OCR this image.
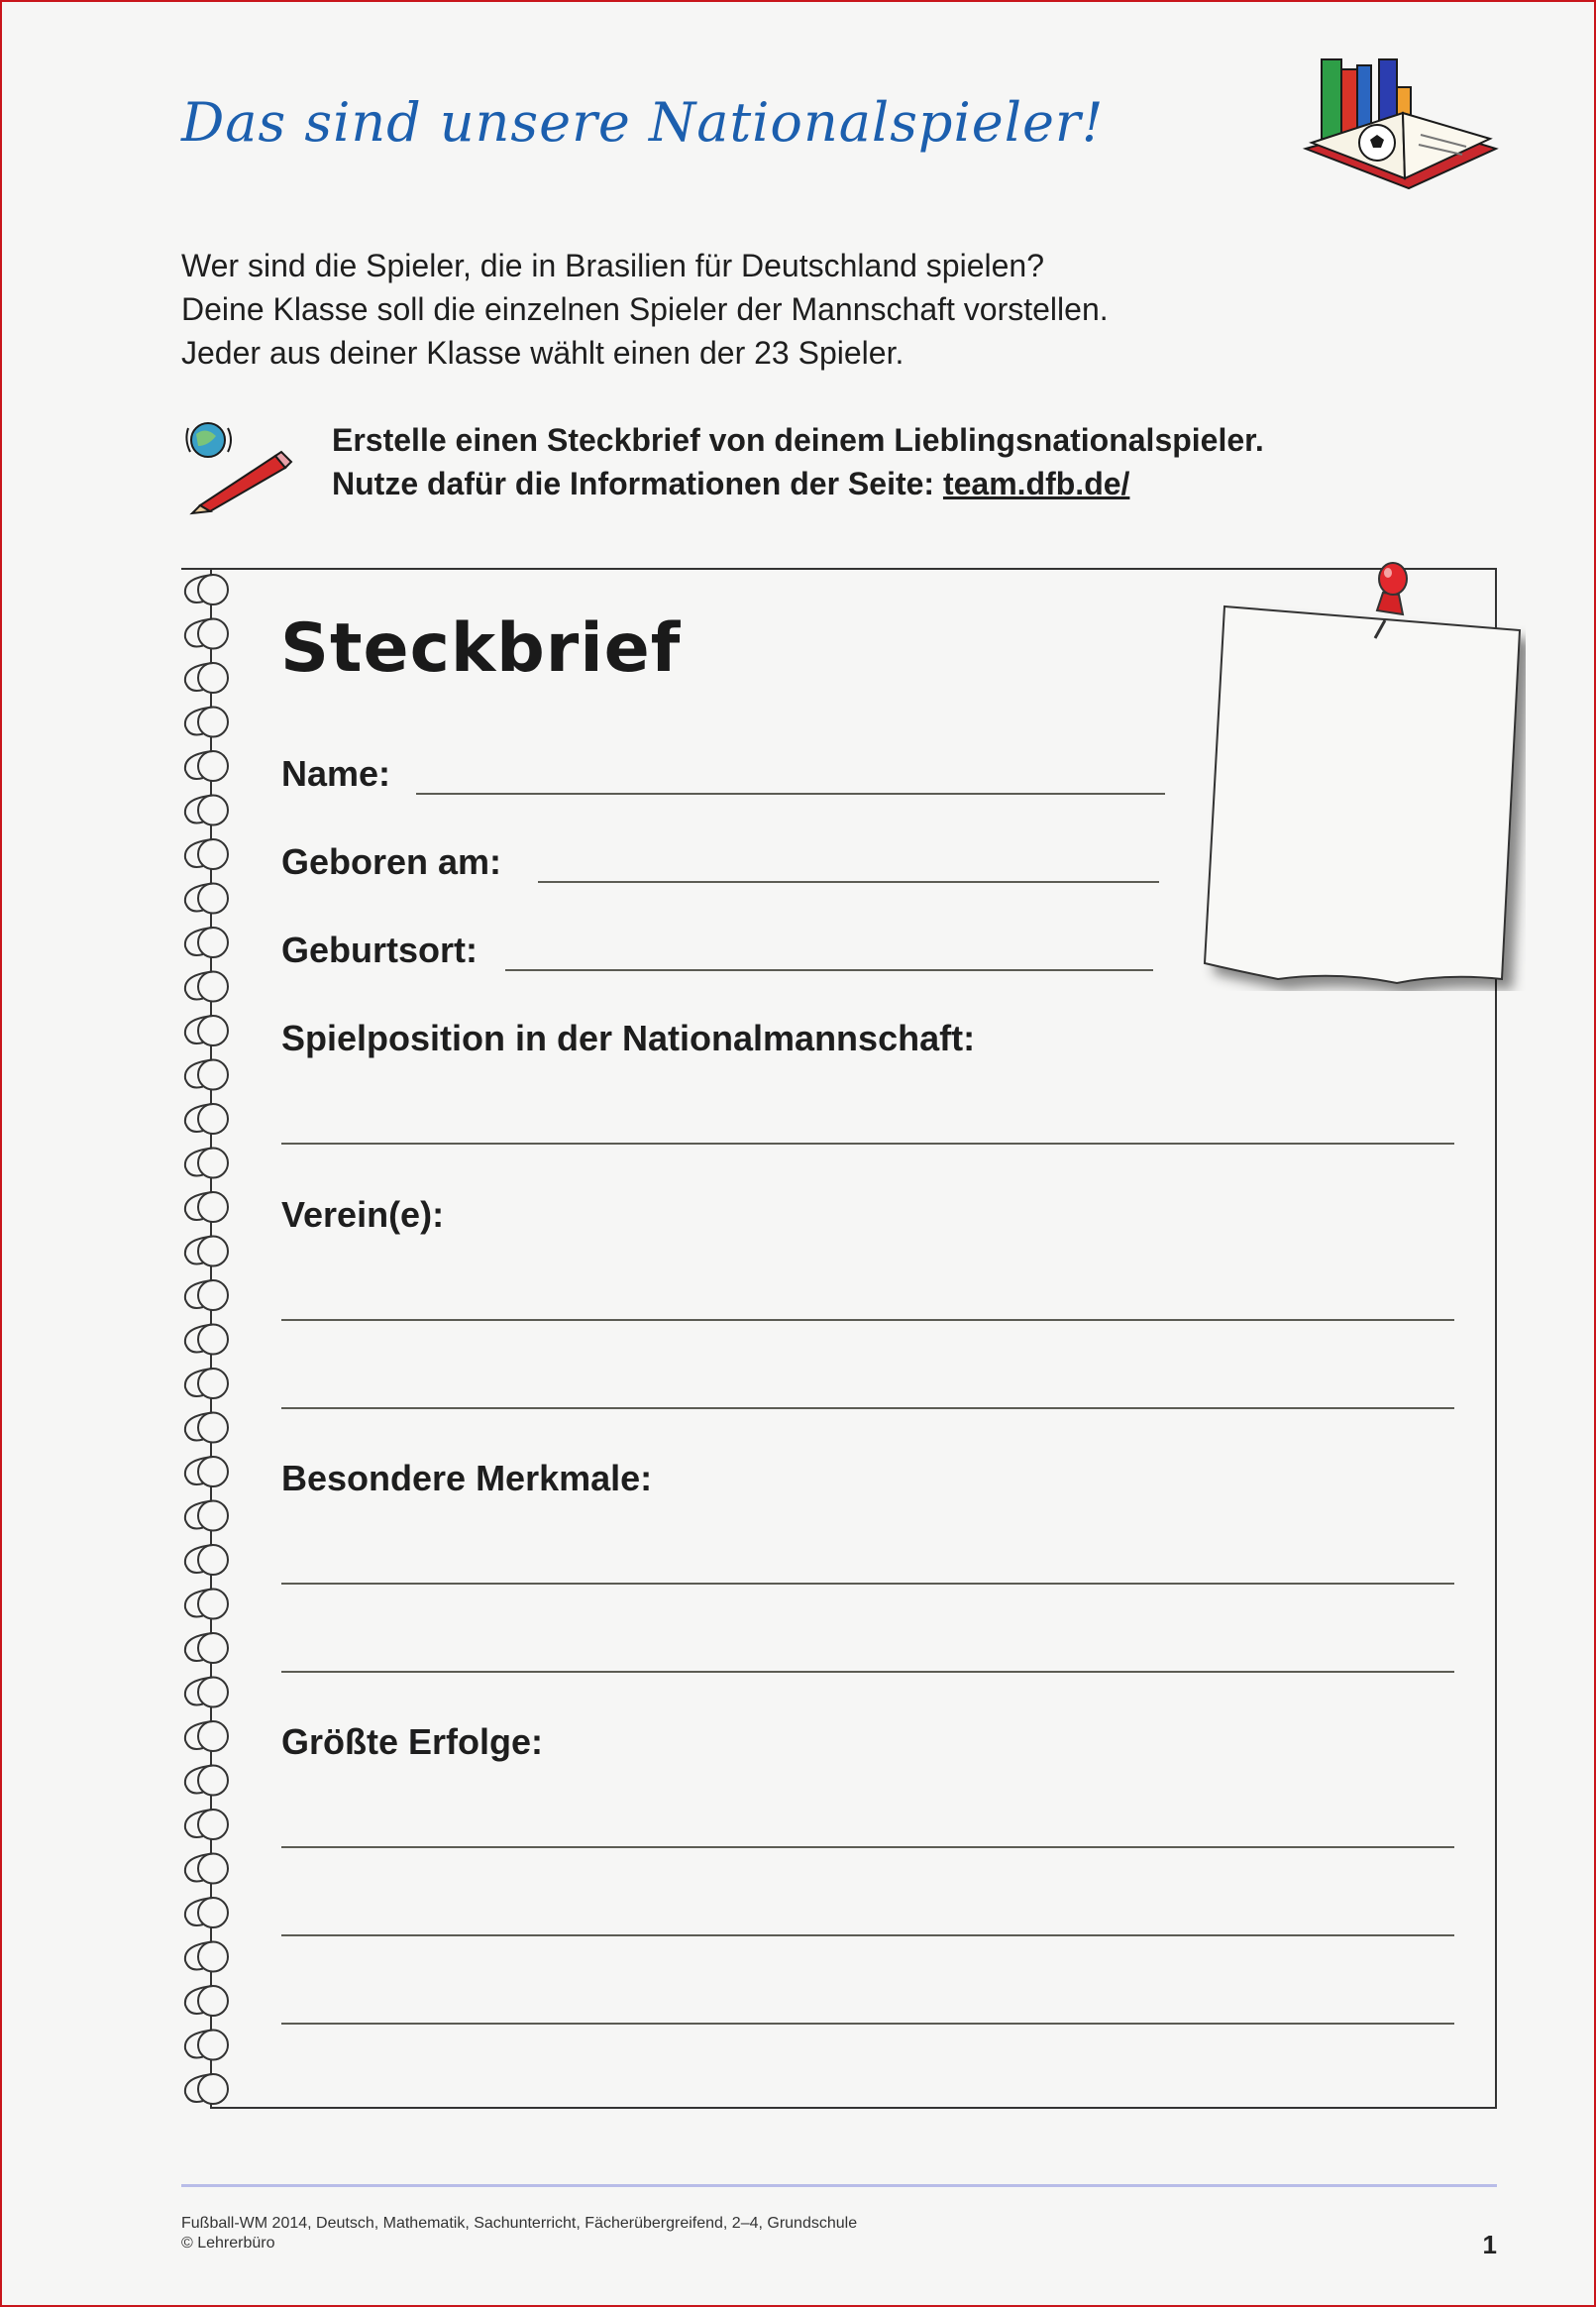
Das sind unsere Nationalspieler!
Wer sind die Spieler, die in Brasilien für Deutschland spielen?
Deine Klasse soll die einzelnen Spieler der Mannschaft vorstellen.
Jeder aus deiner Klasse wählt einen der 23 Spieler.
Erstelle einen Steckbrief von deinem Lieblingsnationalspieler.
Nutze dafür die Informationen der Seite: team.dfb.de/
Steckbrief
Name:
Geboren am:
Geburtsort:
Spielposition in der Nationalmannschaft:
Verein(e):
Besondere Merkmale:
Größte Erfolge:
Fußball-WM 2014, Deutsch, Mathematik, Sachunterricht, Fächerübergreifend, 2–4, Grundschule
© Lehrerbüro	1
